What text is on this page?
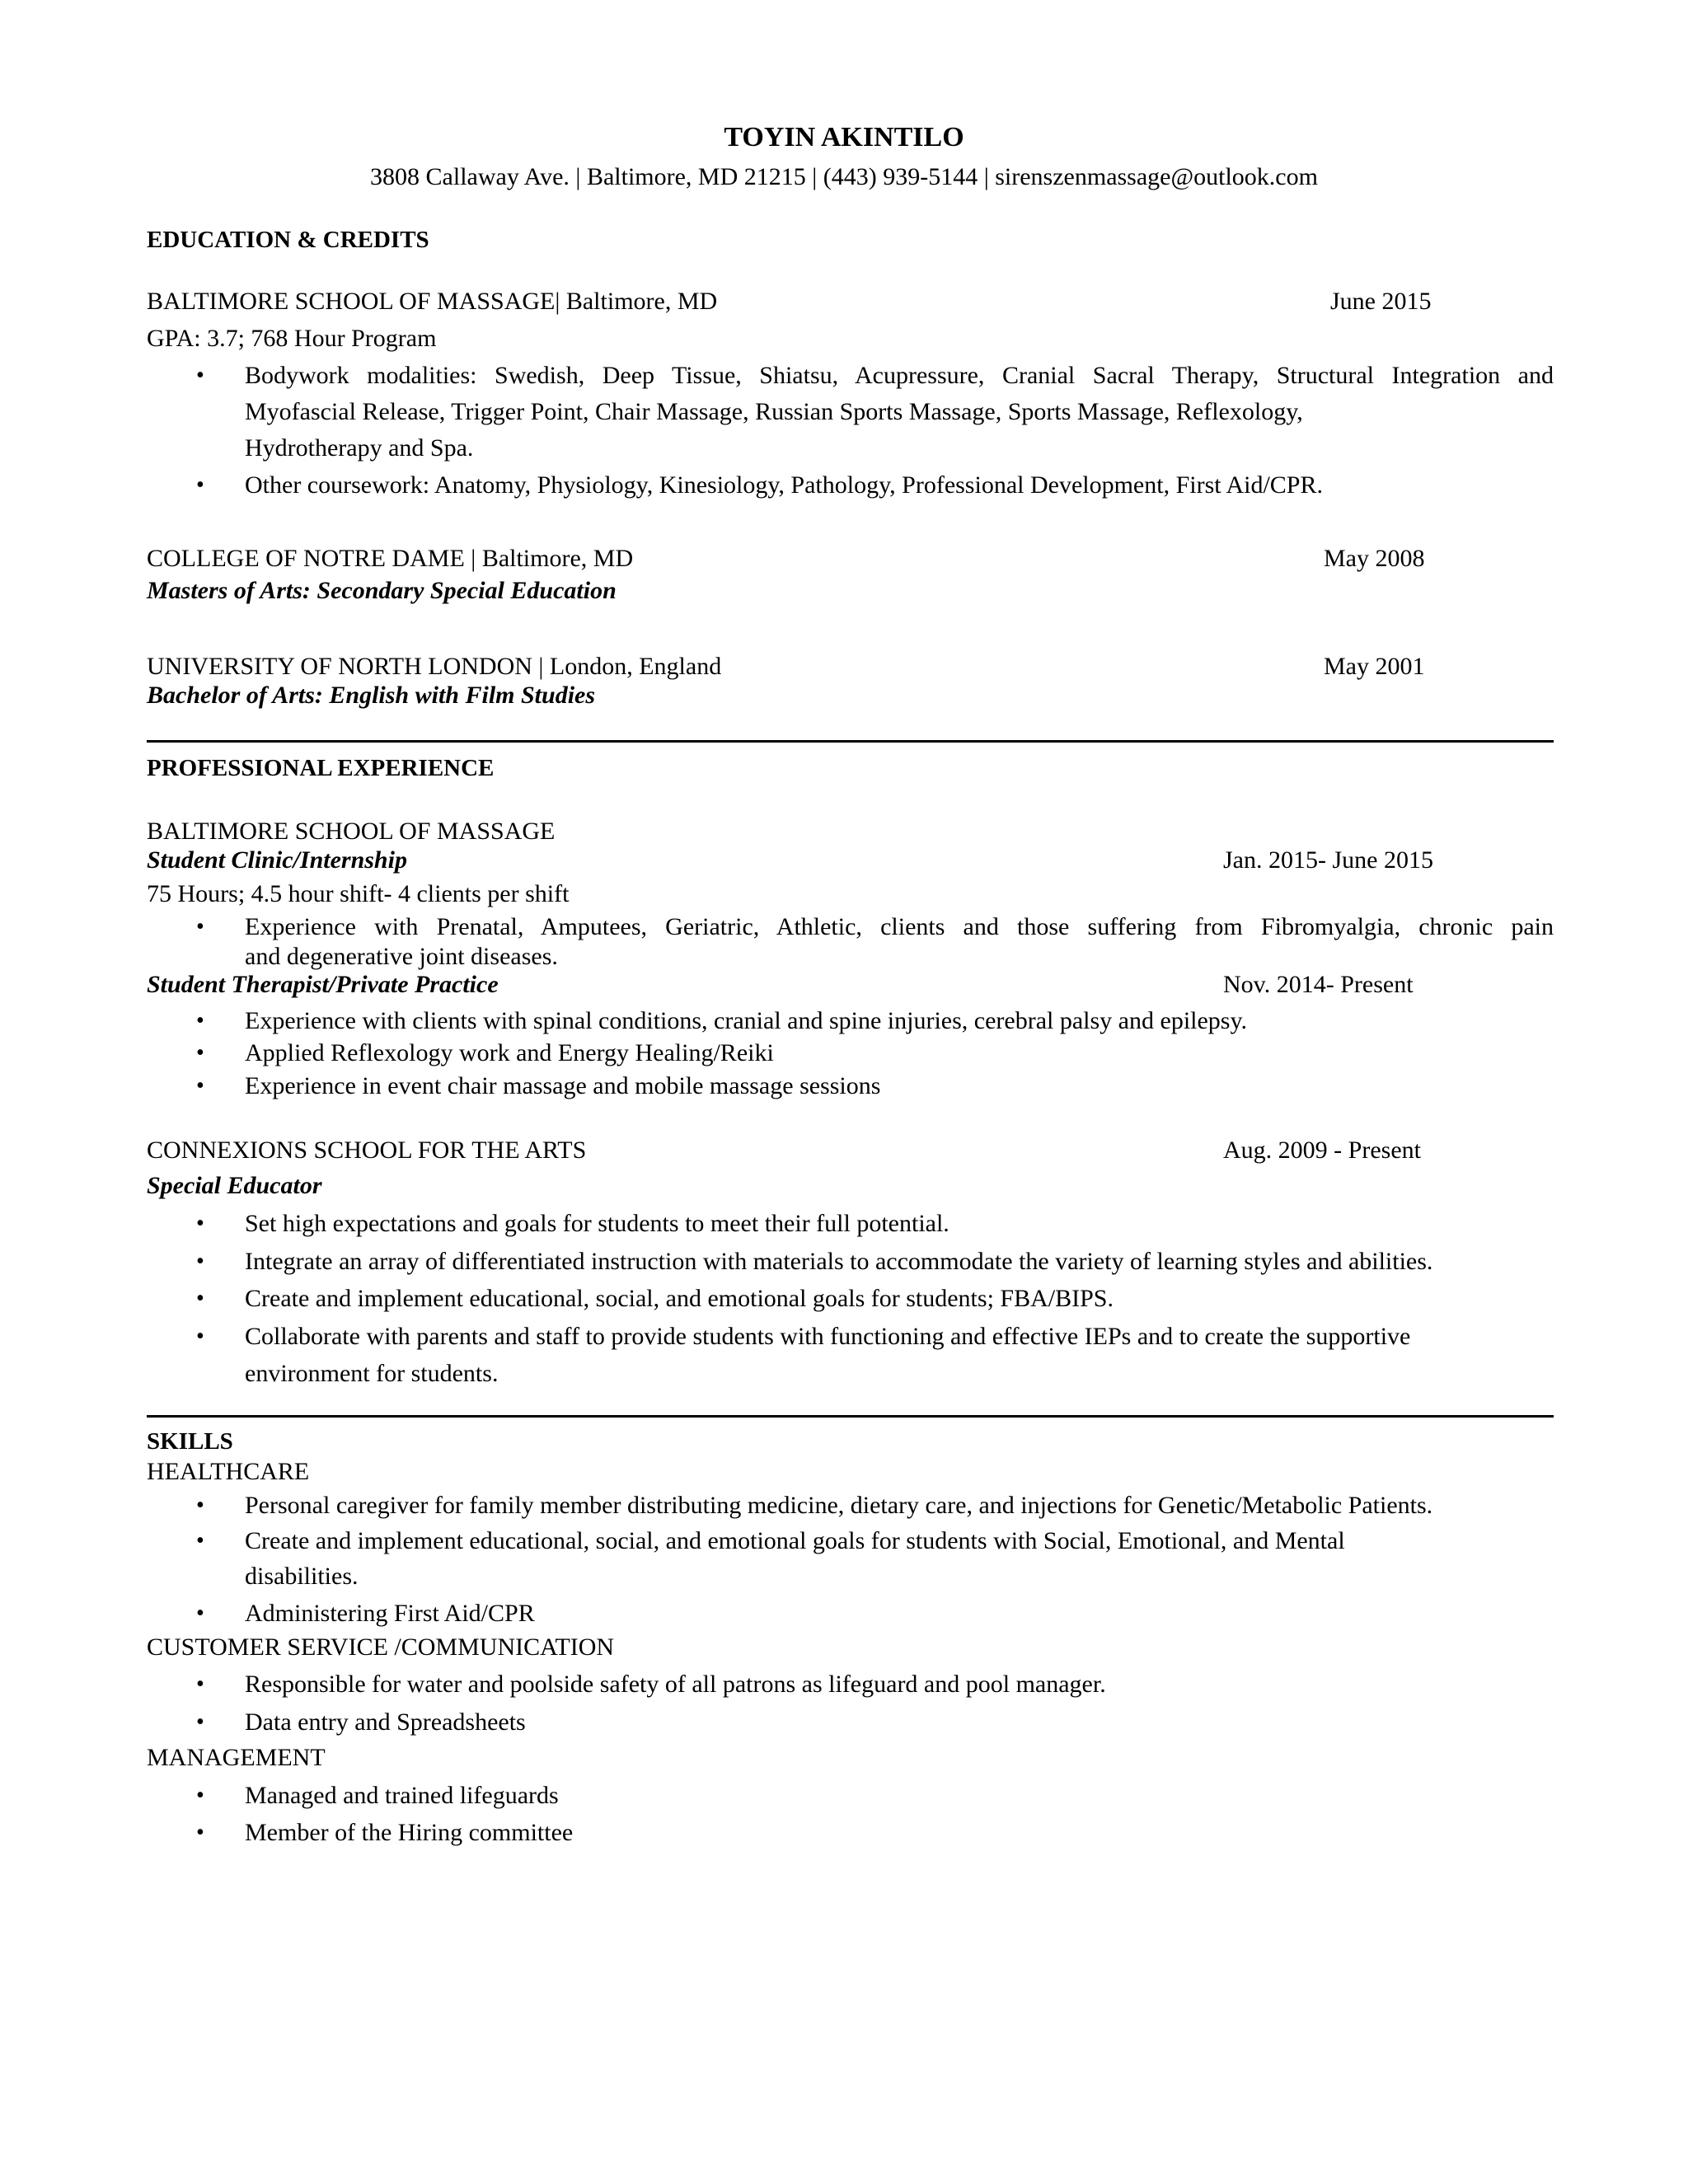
TOYIN AKINTILO
3808 Callaway Ave. | Baltimore, MD 21215 | (443) 939-5144 | sirenszenmassage@outlook.com
EDUCATION & CREDITS
BALTIMORE SCHOOL OF MASSAGE| Baltimore, MD	June 2015
GPA: 3.7; 768 Hour Program
• Bodywork modalities: Swedish, Deep Tissue, Shiatsu, Acupressure, Cranial Sacral Therapy, Structural Integration and
Myofascial Release, Trigger Point, Chair Massage, Russian Sports Massage, Sports Massage, Reflexology,
Hydrotherapy and Spa.
• Other coursework: Anatomy, Physiology, Kinesiology, Pathology, Professional Development, First Aid/CPR.
COLLEGE OF NOTRE DAME | Baltimore, MD	May 2008
Masters of Arts: Secondary Special Education
UNIVERSITY OF NORTH LONDON | London, England	May 2001
Bachelor of Arts: English with Film Studies
PROFESSIONAL EXPERIENCE
BALTIMORE SCHOOL OF MASSAGE
Student Clinic/Internship	Jan. 2015- June 2015
75 Hours; 4.5 hour shift- 4 clients per shift
• Experience with Prenatal, Amputees, Geriatric, Athletic, clients and those suffering from Fibromyalgia, chronic pain
and degenerative joint diseases.
Student Therapist/Private Practice	Nov. 2014- Present
• Experience with clients with spinal conditions, cranial and spine injuries, cerebral palsy and epilepsy.
• Applied Reflexology work and Energy Healing/Reiki
• Experience in event chair massage and mobile massage sessions
CONNEXIONS SCHOOL FOR THE ARTS	Aug. 2009 - Present
Special Educator
• Set high expectations and goals for students to meet their full potential.
• Integrate an array of differentiated instruction with materials to accommodate the variety of learning styles and abilities.
• Create and implement educational, social, and emotional goals for students; FBA/BIPS.
• Collaborate with parents and staff to provide students with functioning and effective IEPs and to create the supportive
environment for students.
SKILLS
HEALTHCARE
• Personal caregiver for family member distributing medicine, dietary care, and injections for Genetic/Metabolic Patients.
• Create and implement educational, social, and emotional goals for students with Social, Emotional, and Mental
disabilities.
• Administering First Aid/CPR
CUSTOMER SERVICE /COMMUNICATION
• Responsible for water and poolside safety of all patrons as lifeguard and pool manager.
• Data entry and Spreadsheets
MANAGEMENT
• Managed and trained lifeguards
• Member of the Hiring committee
